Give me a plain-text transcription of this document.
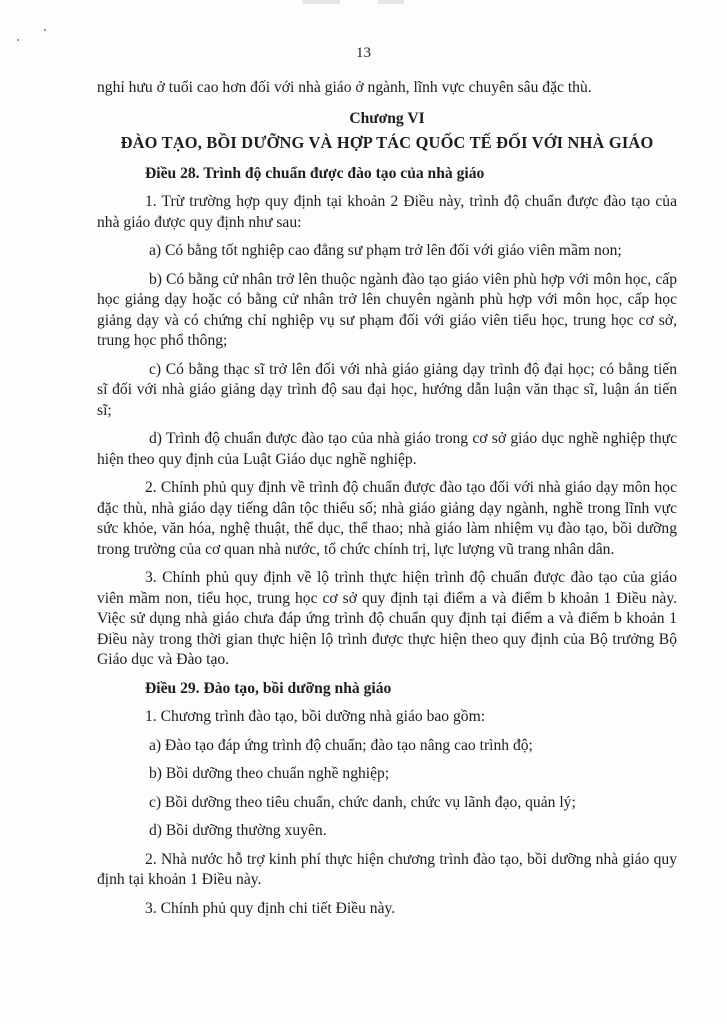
13

nghỉ hưu ở tuổi cao hơn đối với nhà giáo ở ngành, lĩnh vực chuyên sâu đặc thù.

Chương VI

ĐÀO TẠO, BỒI DƯỠNG VÀ HỢP TÁC QUỐC TẾ ĐỐI VỚI NHÀ GIÁO

Điều 28. Trình độ chuẩn được đào tạo của nhà giáo

1. Trừ trường hợp quy định tại khoản 2 Điều này, trình độ chuẩn được đào tạo của nhà giáo được quy định như sau:

a) Có bằng tốt nghiệp cao đẳng sư phạm trở lên đối với giáo viên mầm non;

b) Có bằng cử nhân trở lên thuộc ngành đào tạo giáo viên phù hợp với môn học, cấp học giảng dạy hoặc có bằng cử nhân trở lên chuyên ngành phù hợp với môn học, cấp học giảng dạy và có chứng chỉ nghiệp vụ sư phạm đối với giáo viên tiểu học, trung học cơ sở, trung học phổ thông;

c) Có bằng thạc sĩ trở lên đối với nhà giáo giảng dạy trình độ đại học; có bằng tiến sĩ đối với nhà giáo giảng dạy trình độ sau đại học, hướng dẫn luận văn thạc sĩ, luận án tiến sĩ;

d) Trình độ chuẩn được đào tạo của nhà giáo trong cơ sở giáo dục nghề nghiệp thực hiện theo quy định của Luật Giáo dục nghề nghiệp.

2. Chính phủ quy định về trình độ chuẩn được đào tạo đối với nhà giáo dạy môn học đặc thù, nhà giáo dạy tiếng dân tộc thiểu số; nhà giáo giảng dạy ngành, nghề trong lĩnh vực sức khỏe, văn hóa, nghệ thuật, thể dục, thể thao; nhà giáo làm nhiệm vụ đào tạo, bồi dưỡng trong trường của cơ quan nhà nước, tổ chức chính trị, lực lượng vũ trang nhân dân.

3. Chính phủ quy định về lộ trình thực hiện trình độ chuẩn được đào tạo của giáo viên mầm non, tiểu học, trung học cơ sở quy định tại điểm a và điểm b khoản 1 Điều này. Việc sử dụng nhà giáo chưa đáp ứng trình độ chuẩn quy định tại điểm a và điểm b khoản 1 Điều này trong thời gian thực hiện lộ trình được thực hiện theo quy định của Bộ trưởng Bộ Giáo dục và Đào tạo.

Điều 29. Đào tạo, bồi dưỡng nhà giáo

1. Chương trình đào tạo, bồi dưỡng nhà giáo bao gồm:

a) Đào tạo đáp ứng trình độ chuẩn; đào tạo nâng cao trình độ;

b) Bồi dưỡng theo chuẩn nghề nghiệp;

c) Bồi dưỡng theo tiêu chuẩn, chức danh, chức vụ lãnh đạo, quản lý;

d) Bồi dưỡng thường xuyên.

2. Nhà nước hỗ trợ kinh phí thực hiện chương trình đào tạo, bồi dưỡng nhà giáo quy định tại khoản 1 Điều này.

3. Chính phủ quy định chi tiết Điều này.
